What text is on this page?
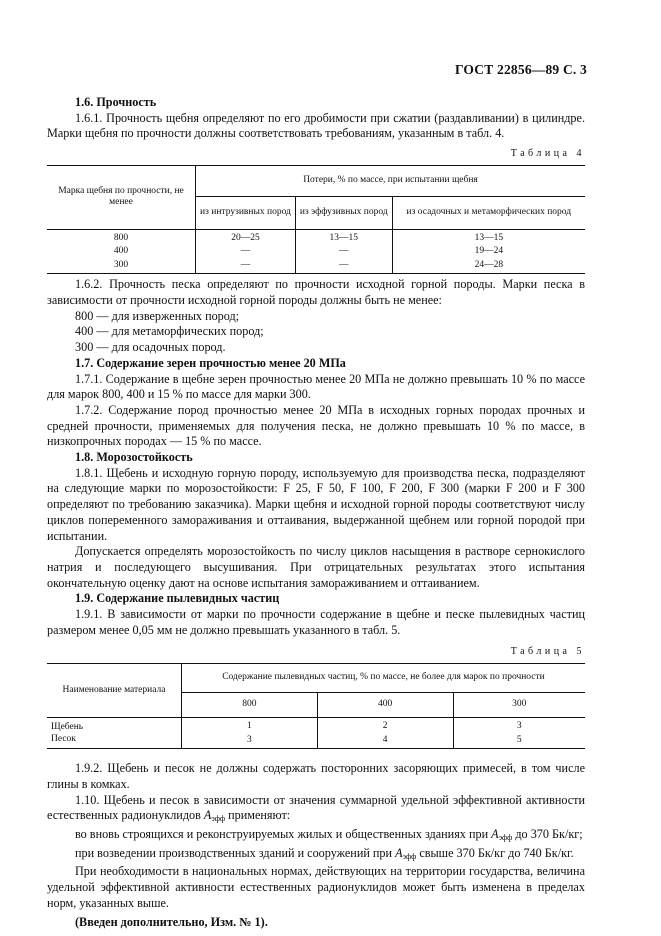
ГОСТ 22856—89 С. 3

1.6. Прочность

1.6.1. Прочность щебня определяют по его дробимости при сжатии (раздавливании) в цилиндре. Марки щебня по прочности должны соответствовать требованиям, указанным в табл. 4.

Таблица 4
Марка щебня по прочности, не менее	Потери, % по массе, при испытании щебня		
	из интрузивных пород	из эффузивных пород	из осадочных и метаморфических пород
800	20—25	13—15	13—15
400	—	—	19—24
300	—	—	24—28

1.6.2. Прочность песка определяют по прочности исходной горной породы. Марки песка в зависимости от прочности исходной горной породы должны быть не менее:

800 — для изверженных пород;

400 — для метаморфических пород;

300 — для осадочных пород.

1.7. Содержание зерен прочностью менее 20 МПа

1.7.1. Содержание в щебне зерен прочностью менее 20 МПа не должно превышать 10 % по массе для марок 800, 400 и 15 % по массе для марки 300.

1.7.2. Содержание пород прочностью менее 20 МПа в исходных горных породах прочных и средней прочности, применяемых для получения песка, не должно превышать 10 % по массе, в низкопрочных породах — 15 % по массе.

1.8. Морозостойкость

1.8.1. Щебень и исходную горную породу, используемую для производства песка, подразделяют на следующие марки по морозостойкости: F 25, F 50, F 100, F 200, F 300 (марки F 200 и F 300 определяют по требованию заказчика). Марки щебня и исходной горной породы соответствуют числу циклов попеременного замораживания и оттаивания, выдержанной щебнем или горной породой при испытании.

Допускается определять морозостойкость по числу циклов насыщения в растворе сернокислого натрия и последующего высушивания. При отрицательных результатах этого испытания окончательную оценку дают на основе испытания замораживанием и оттаиванием.

1.9. Содержание пылевидных частиц

1.9.1. В зависимости от марки по прочности содержание в щебне и песке пылевидных частиц размером менее 0,05 мм не должно превышать указанного в табл. 5.

Таблица 5
Наименование материала	Содержание пылевидных частиц, % по массе, не более для марок по прочности		
	800	400	300
Щебень	1	2	3
Песок	3	4	5

1.9.2. Щебень и песок не должны содержать посторонних засоряющих примесей, в том числе глины в комках.

1.10. Щебень и песок в зависимости от значения суммарной удельной эффективной активности естественных радионуклидов $A_{эфф}$ применяют:

во вновь строящихся и реконструируемых жилых и общественных зданиях при $A_{эфф}$ до 370 Бк/кг;

при возведении производственных зданий и сооружений при $A_{эфф}$ свыше 370 Бк/кг до 740 Бк/кг.

При необходимости в национальных нормах, действующих на территории государства, величина удельной эффективной активности естественных радионуклидов может быть изменена в пределах норм, указанных выше.

(Введен дополнительно, Изм. № 1).
